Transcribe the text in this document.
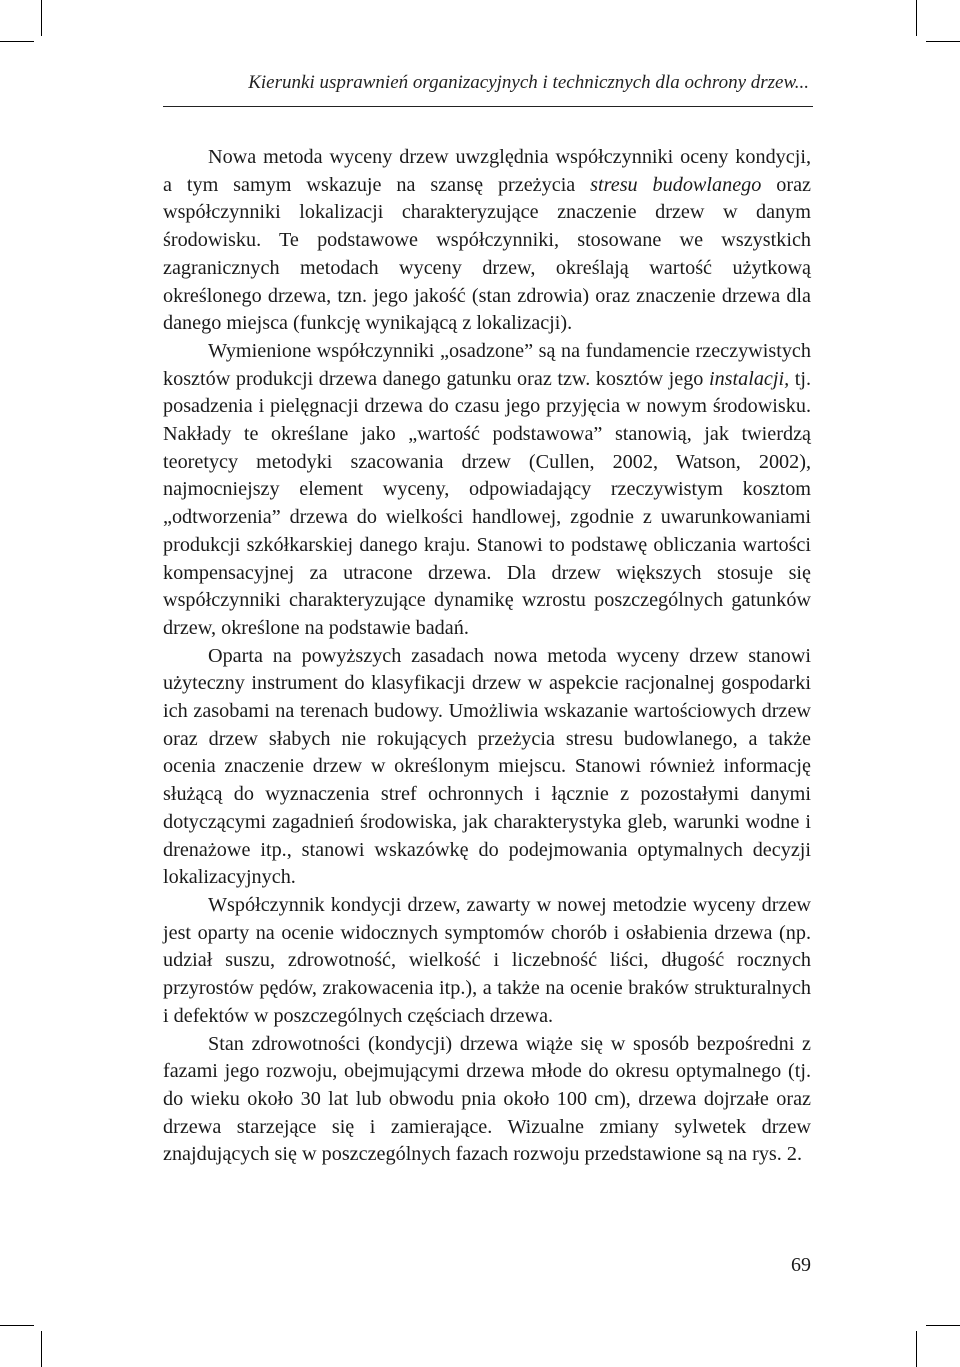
Kierunki usprawnień organizacyjnych i technicznych dla ochrony drzew...

Nowa metoda wyceny drzew uwzględnia współczynniki oceny kondycji, a tym samym wskazuje na szansę przeżycia stresu budowlanego oraz współczynniki lokalizacji charakteryzujące znaczenie drzew w danym środowisku. Te podstawowe współczynniki, stosowane we wszystkich zagranicznych metodach wyceny drzew, określają wartość użytkową określonego drzewa, tzn. jego jakość (stan zdrowia) oraz znaczenie drzewa dla danego miejsca (funkcję wynikającą z lokalizacji).

Wymienione współczynniki „osadzone” są na fundamencie rzeczywistych kosztów produkcji drzewa danego gatunku oraz tzw. kosztów jego instalacji, tj. posadzenia i pielęgnacji drzewa do czasu jego przyjęcia w nowym środowisku. Nakłady te określane jako „wartość podstawowa” stanowią, jak twierdzą teoretycy metodyki szacowania drzew (Cullen, 2002, Watson, 2002), najmocniejszy element wyceny, odpowiadający rzeczywistym kosztom „odtworzenia” drzewa do wielkości handlowej, zgodnie z uwarunkowaniami produkcji szkółkarskiej danego kraju. Stanowi to podstawę obliczania wartości kompensacyjnej za utracone drzewa. Dla drzew większych stosuje się współczynniki charakteryzujące dynamikę wzrostu poszczególnych gatunków drzew, określone na podstawie badań.

Oparta na powyższych zasadach nowa metoda wyceny drzew stanowi użyteczny instrument do klasyfikacji drzew w aspekcie racjonalnej gospodarki ich zasobami na terenach budowy. Umożliwia wskazanie wartościowych drzew oraz drzew słabych nie rokujących przeżycia stresu budowlanego, a także ocenia znaczenie drzew w określonym miejscu. Stanowi również informację służącą do wyznaczenia stref ochronnych i łącznie z pozostałymi danymi dotyczącymi zagadnień środowiska, jak charakterystyka gleb, warunki wodne i drenażowe itp., stanowi wskazówkę do podejmowania optymalnych decyzji lokalizacyjnych.

Współczynnik kondycji drzew, zawarty w nowej metodzie wyceny drzew jest oparty na ocenie widocznych symptomów chorób i osłabienia drzewa (np. udział suszu, zdrowotność, wielkość i liczebność liści, długość rocznych przyrostów pędów, zrakowacenia itp.), a także na ocenie braków strukturalnych i defektów w poszczególnych częściach drzewa.

Stan zdrowotności (kondycji) drzewa wiąże się w sposób bezpośredni z fazami jego rozwoju, obejmującymi drzewa młode do okresu optymalnego (tj. do wieku około 30 lat lub obwodu pnia około 100 cm), drzewa dojrzałe oraz drzewa starzejące się i zamierające. Wizualne zmiany sylwetek drzew znajdujących się w poszczególnych fazach rozwoju przedstawione są na rys. 2.

69
